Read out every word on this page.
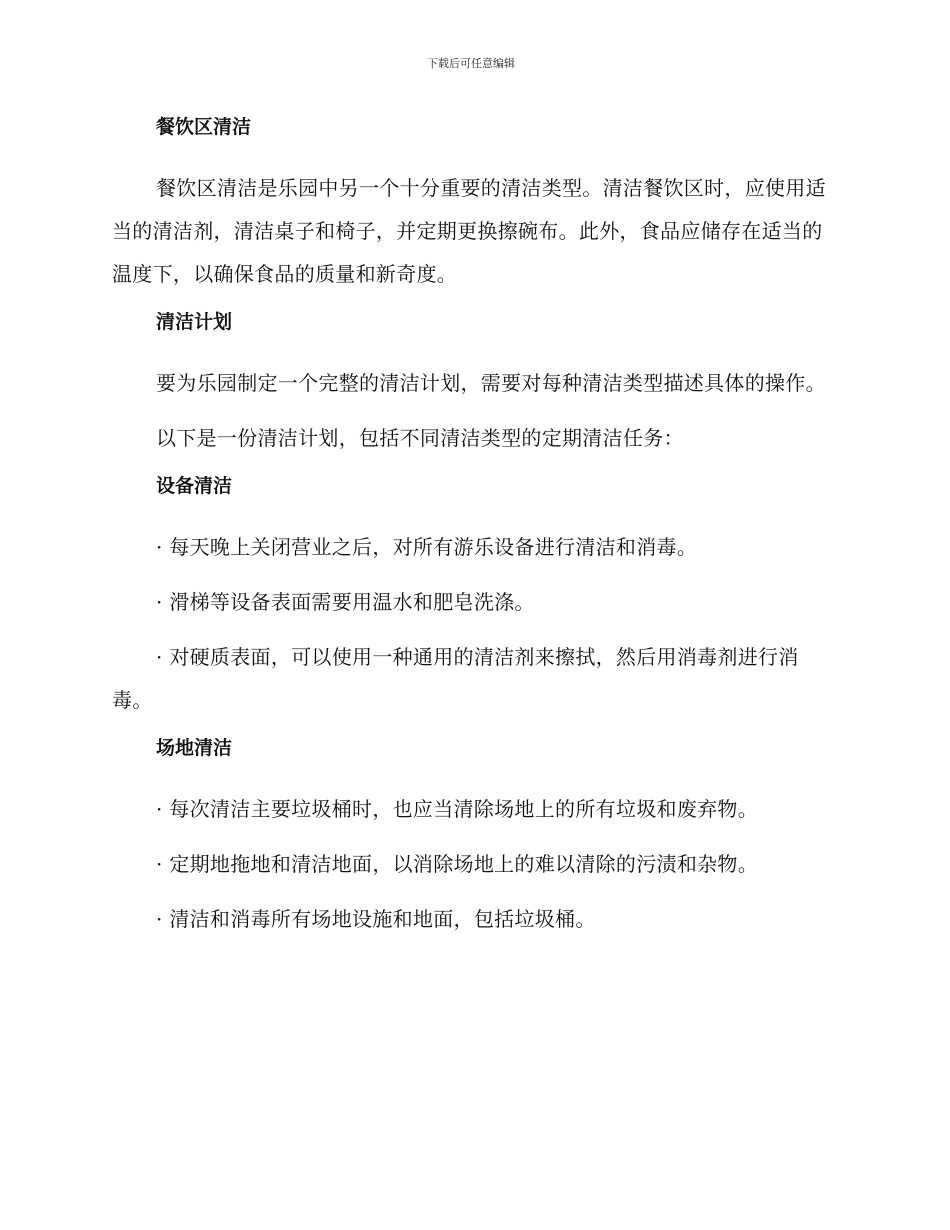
下载后可任意编辑
餐饮区清洁

餐饮区清洁是乐园中另一个十分重要的清洁类型。清洁餐饮区时，应使用适当的清洁剂，清洁桌子和椅子，并定期更换擦碗布。此外，食品应储存在适当的温度下，以确保食品的质量和新奇度。

清洁计划

要为乐园制定一个完整的清洁计划，需要对每种清洁类型描述具体的操作。

以下是一份清洁计划，包括不同清洁类型的定期清洁任务：

设备清洁

· 每天晚上关闭营业之后，对所有游乐设备进行清洁和消毒。

· 滑梯等设备表面需要用温水和肥皂洗涤。

· 对硬质表面，可以使用一种通用的清洁剂来擦拭，然后用消毒剂进行消毒。

场地清洁

· 每次清洁主要垃圾桶时，也应当清除场地上的所有垃圾和废弃物。

· 定期地拖地和清洁地面，以消除场地上的难以清除的污渍和杂物。

· 清洁和消毒所有场地设施和地面，包括垃圾桶。
